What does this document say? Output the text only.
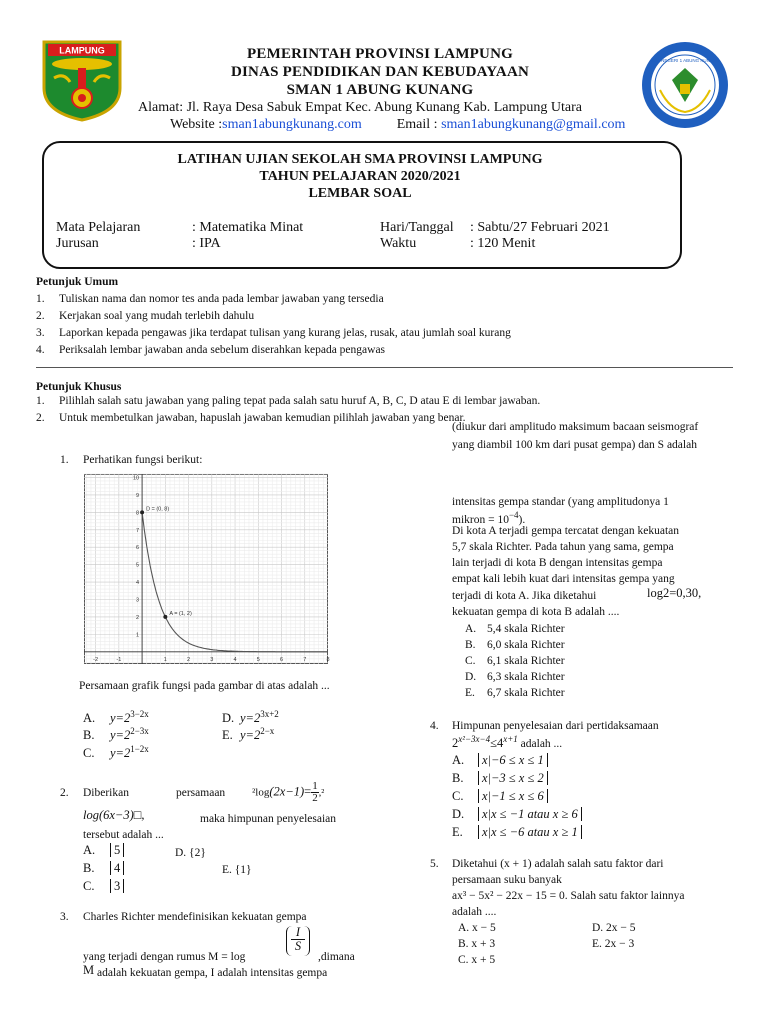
LAMPUNG	PEMERINTAH PROVINSI LAMPUNG
DINAS PENDIDIKAN DAN KEBUDAYAAN
SMAN 1 ABUNG KUNANG
Alamat: Jl. Raya Desa Sabuk Empat Kec. Abung Kunang Kab. Lampung Utara
Website :sman1abungkunang.com	Email : sman1abungkunang@gmail.com
SMA NEGERI 1 ABUNG KUNANG
LATIHAN UJIAN SEKOLAH SMA PROVINSI LAMPUNG
TAHUN PELAJARAN 2020/2021
LEMBAR SOAL
Mata Pelajaran	: Matematika Minat
Jurusan	: IPA
Hari/Tanggal : Sabtu/27 Februari 2021
Waktu	: 120 Menit
Petunjuk Umum
1. Tuliskan nama dan nomor tes anda pada lembar jawaban yang tersedia
2. Kerjakan soal yang mudah terlebih dahulu
3. Laporkan kepada pengawas jika terdapat tulisan yang kurang jelas, rusak, atau jumlah soal kurang
4. Periksalah lembar jawaban anda sebelum diserahkan kepada pengawas
Petunjuk Khusus
1. Pilihlah salah satu jawaban yang paling tepat pada salah satu huruf A, B, C, D atau E di lembar jawaban.
2. Untuk membetulkan jawaban, hapuslah jawaban kemudian pilihlah jawaban yang benar.
1. Perhatikan fungsi berikut:
-2	-1	1	2	3	4	5	6	7	8
1
2
3
4
5
6
7
8
9
10
D = (0, 8)
A = (1, 2)
Persamaan grafik fungsi pada gambar di atas adalah ...
A. $y=2^{3-2x}$
B. $y=2^{2-3x}$
C. $y=2^{1-2x}$
D. $y=2^{3x+2}$
E. $y=2^{2-x}$
2. Diberikan	persamaan $^2\log(2x-1)= \frac{1}{2} ,^2$
log(6x−3)□,	maka himpunan penyelesaian
tersebut adalah ...
A. 5
B. 4
C. 3
D. {2}
E. {1}
3. Charles Richter mendefinisikan kekuatan gempa
yang terjadi dengan rumus M = log
I
S
,dimana
M adalah kekuatan gempa, I adalah intensitas gempa
(diukur dari amplitudo maksimum bacaan seismograf
yang diambil 100 km dari pusat gempa) dan S adalah
intensitas gempa standar (yang amplitudonya 1
mikron = $10^{-4}$).
Di kota A terjadi gempa tercatat dengan kekuatan
5,7 skala Richter. Pada tahun yang sama, gempa
lain terjadi di kota B dengan intensitas gempa
empat kali lebih kuat dari intensitas gempa yang
terjadi di kota A. Jika diketahui	log2=0,30,
kekuatan gempa di kota B adalah ....
A. 5,4 skala Richter
B. 6,0 skala Richter
C. 6,1 skala Richter
D. 6,3 skala Richter
E. 6,7 skala Richter
4. Himpunan penyelesaian dari pertidaksamaan
$2^{x^2-3x-4}\le 4^{x+1}$ adalah ...
A. x|−6 ≤ x ≤ 1
B. x|−3 ≤ x ≤ 2
C. x|−1 ≤ x ≤ 6
D. x|x ≤ −1 atau x ≥ 6
E. x|x ≤ −6 atau x ≥ 1
5. Diketahui (x + 1) adalah salah satu faktor dari
persamaan suku banyak
ax³ − 5x² − 22x − 15 = 0. Salah satu faktor lainnya
adalah ....
A. x − 5
B. x + 3
C. x + 5
D. 2x − 5
E. 2x − 3
